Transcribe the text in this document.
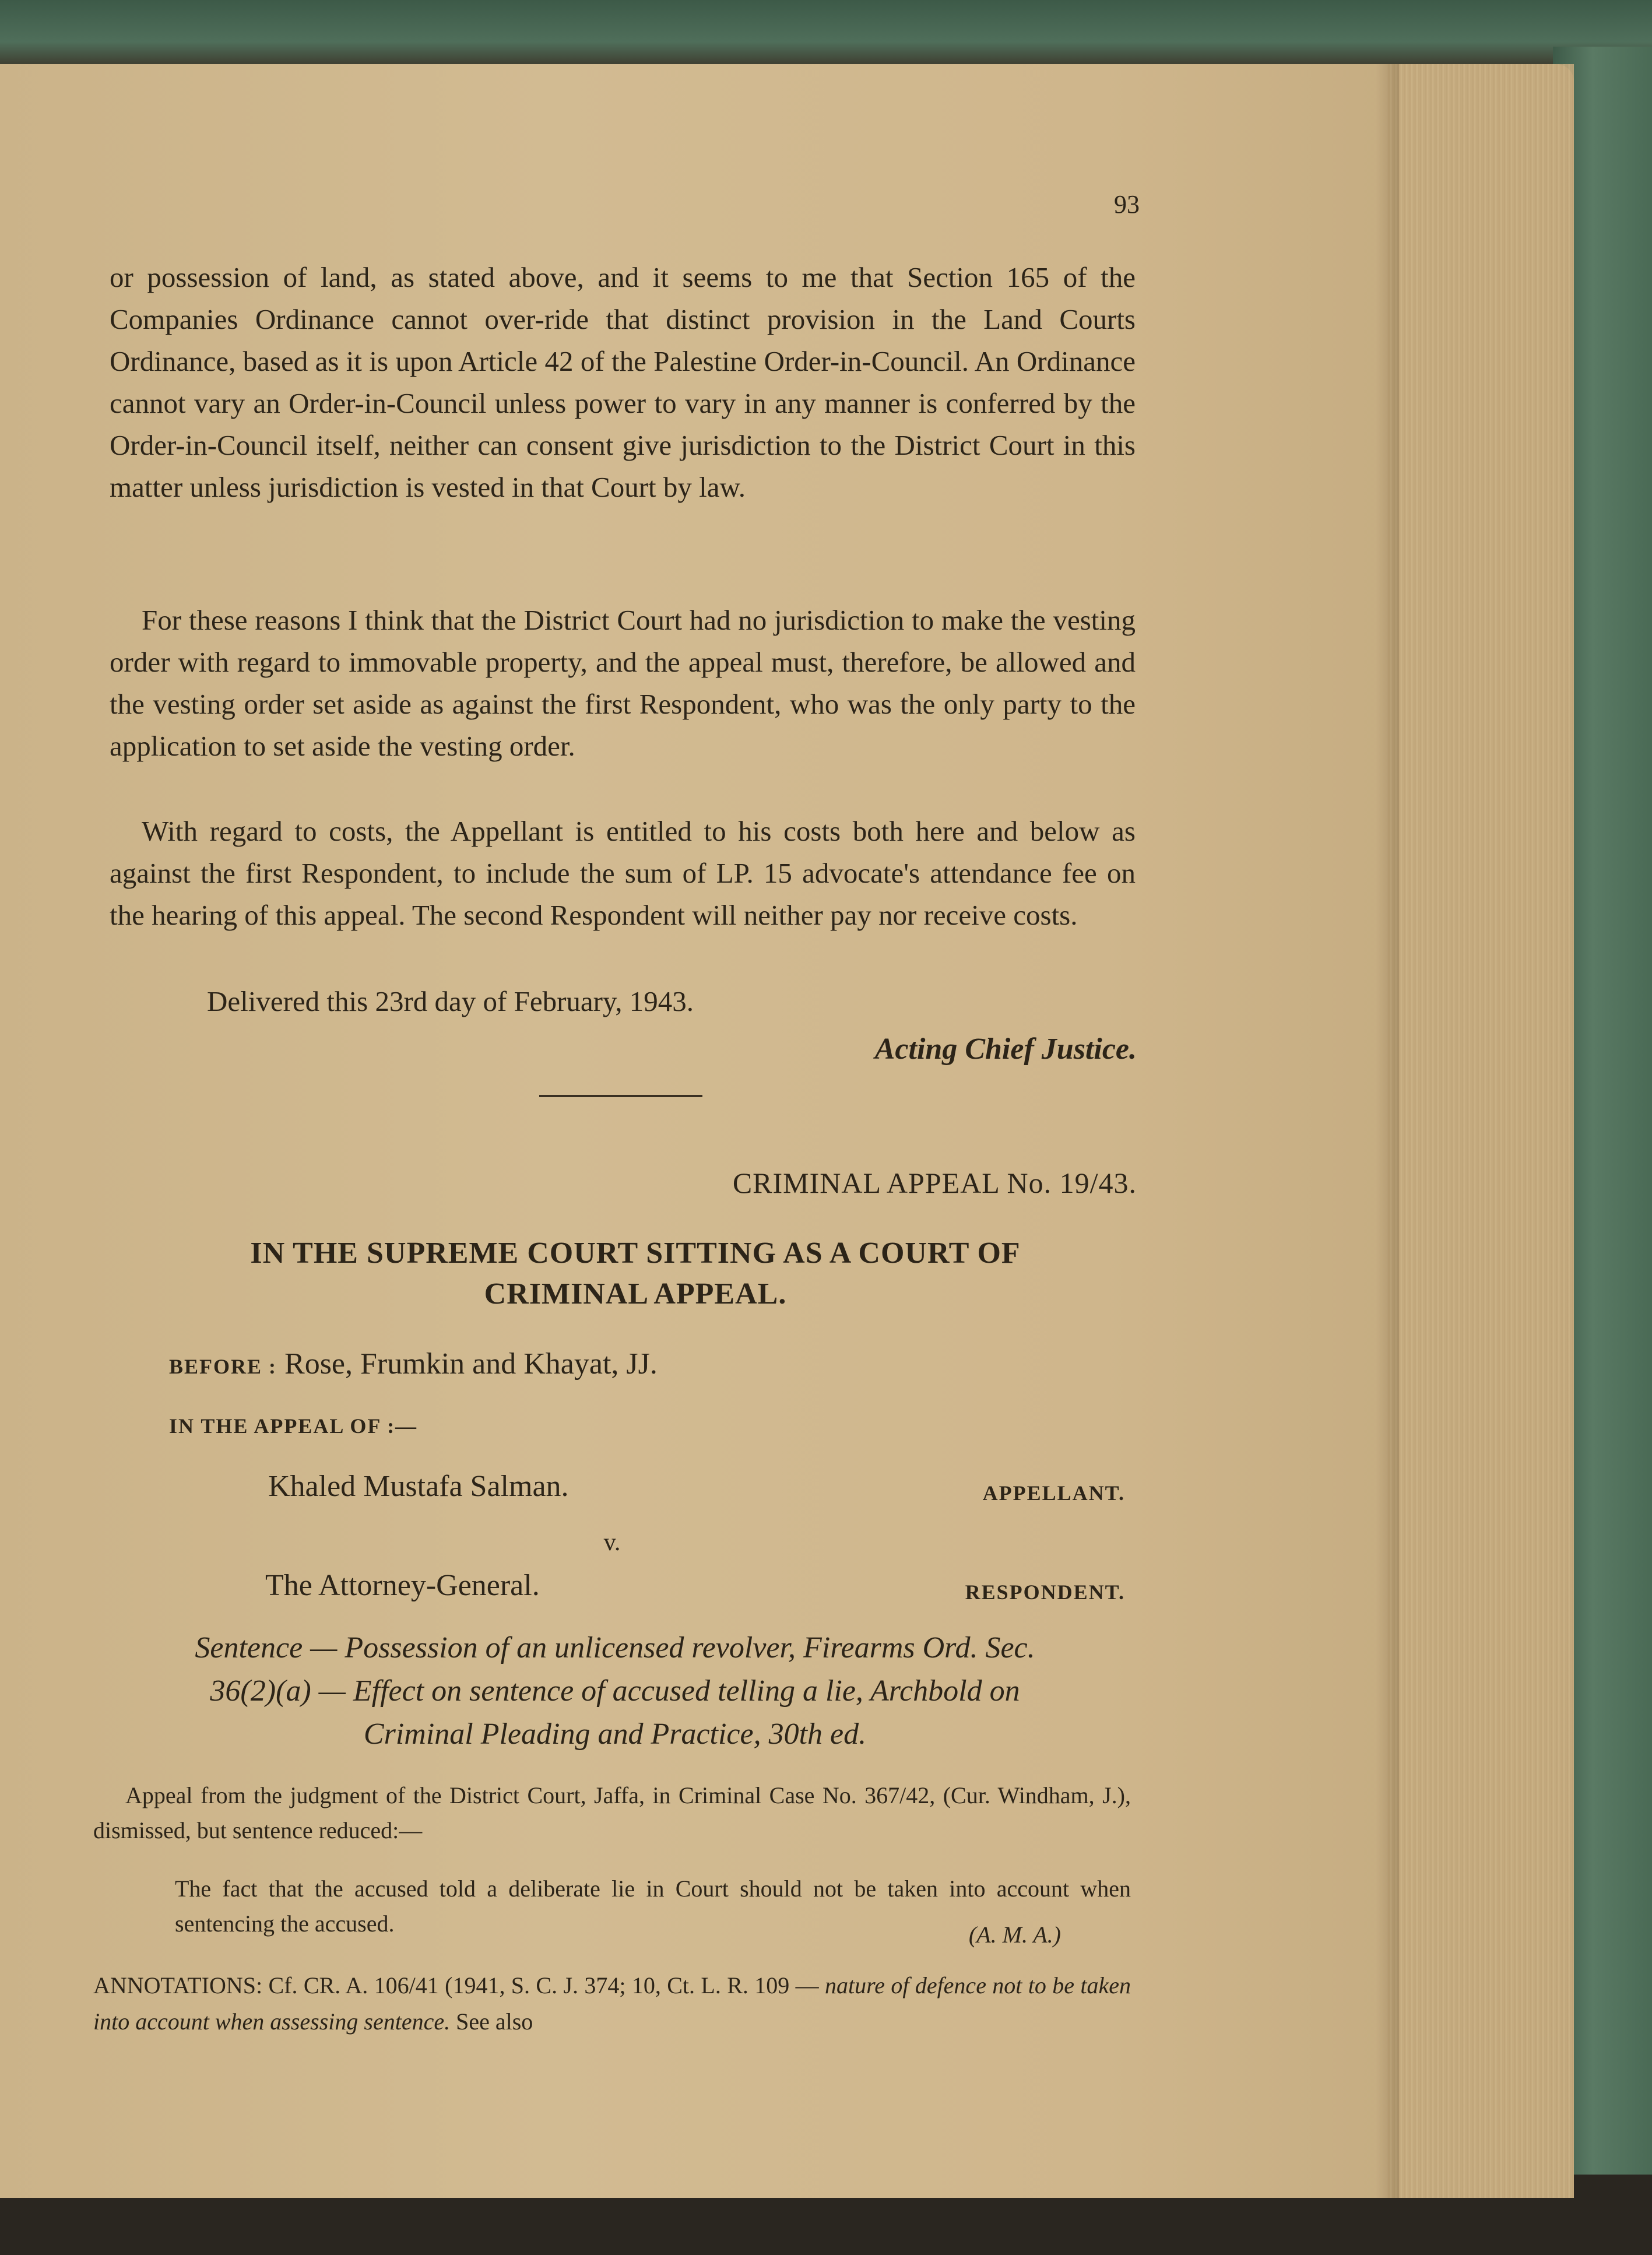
93

or possession of land, as stated above, and it seems to me that Section 165 of the Companies Ordinance cannot over-ride that distinct provision in the Land Courts Ordinance, based as it is upon Article 42 of the Palestine Order-in-Council. An Ordinance cannot vary an Order-in-Council unless power to vary in any manner is conferred by the Order-in-Council itself, neither can consent give jurisdiction to the District Court in this matter unless jurisdiction is vested in that Court by law.

For these reasons I think that the District Court had no jurisdiction to make the vesting order with regard to immovable property, and the appeal must, therefore, be allowed and the vesting order set aside as against the first Respondent, who was the only party to the application to set aside the vesting order.

With regard to costs, the Appellant is entitled to his costs both here and below as against the first Respondent, to include the sum of LP. 15 advocate's attendance fee on the hearing of this appeal. The second Respondent will neither pay nor receive costs.

Delivered this 23rd day of February, 1943.

Acting Chief Justice.
CRIMINAL APPEAL No. 19/43.
IN THE SUPREME COURT SITTING AS A COURT OF
CRIMINAL APPEAL.
BEFORE : Rose, Frumkin and Khayat, JJ.
IN THE APPEAL OF :—
Khaled Mustafa Salman.	APPELLANT.
v.
The Attorney-General.	RESPONDENT.
Sentence — Possession of an unlicensed revolver, Firearms Ord. Sec.
36(2)(a) — Effect on sentence of accused telling a lie, Archbold on
Criminal Pleading and Practice, 30th ed.

Appeal from the judgment of the District Court, Jaffa, in Criminal Case No. 367/42, (Cur. Windham, J.), dismissed, but sentence reduced:—

The fact that the accused told a deliberate lie in Court should not be taken into account when sentencing the accused.	(A. M. A.)

ANNOTATIONS: Cf. CR. A. 106/41 (1941, S. C. J. 374; 10, Ct. L. R. 109 — nature of defence not to be taken into account when assessing sentence. See also
